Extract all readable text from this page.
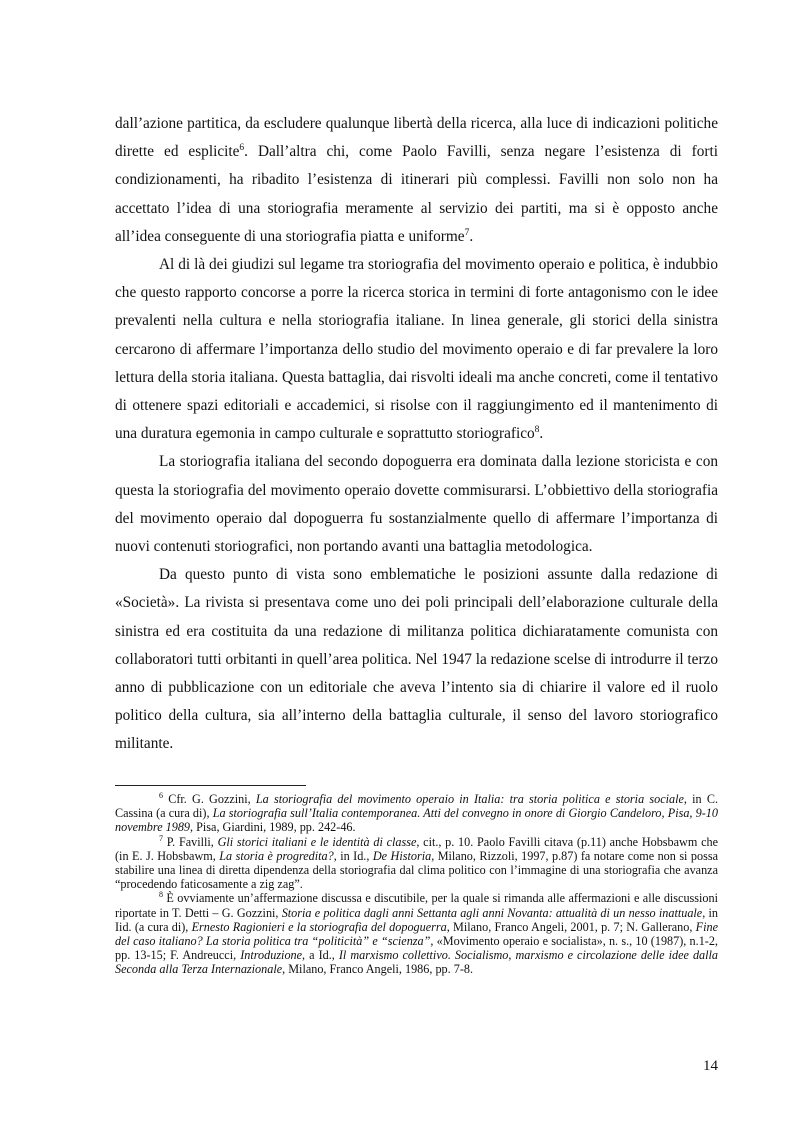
dall’azione partitica, da escludere qualunque libertà della ricerca, alla luce di indicazioni politiche dirette ed esplicite$^6$. Dall’altra chi, come Paolo Favilli, senza negare l’esistenza di forti condizionamenti, ha ribadito l’esistenza di itinerari più complessi. Favilli non solo non ha accettato l’idea di una storiografia meramente al servizio dei partiti, ma si è opposto anche all’idea conseguente di una storiografia piatta e uniforme$^7$.

Al di là dei giudizi sul legame tra storiografia del movimento operaio e politica, è indubbio che questo rapporto concorse a porre la ricerca storica in termini di forte antagonismo con le idee prevalenti nella cultura e nella storiografia italiane. In linea generale, gli storici della sinistra cercarono di affermare l’importanza dello studio del movimento operaio e di far prevalere la loro lettura della storia italiana. Questa battaglia, dai risvolti ideali ma anche concreti, come il tentativo di ottenere spazi editoriali e accademici, si risolse con il raggiungimento ed il mantenimento di una duratura egemonia in campo culturale e soprattutto storiografico$^8$.

La storiografia italiana del secondo dopoguerra era dominata dalla lezione storicista e con questa la storiografia del movimento operaio dovette commisurarsi. L’obbiettivo della storiografia del movimento operaio dal dopoguerra fu sostanzialmente quello di affermare l’importanza di nuovi contenuti storiografici, non portando avanti una battaglia metodologica.

Da questo punto di vista sono emblematiche le posizioni assunte dalla redazione di «Società». La rivista si presentava come uno dei poli principali dell’elaborazione culturale della sinistra ed era costituita da una redazione di militanza politica dichiaratamente comunista con collaboratori tutti orbitanti in quell’area politica. Nel 1947 la redazione scelse di introdurre il terzo anno di pubblicazione con un editoriale che aveva l’intento sia di chiarire il valore ed il ruolo politico della cultura, sia all’interno della battaglia culturale, il senso del lavoro storiografico militante.

$^6$ Cfr. G. Gozzini, La storiografia del movimento operaio in Italia: tra storia politica e storia sociale, in C. Cassina (a cura di), La storiografia sull’Italia contemporanea. Atti del convegno in onore di Giorgio Candeloro, Pisa, 9-10 novembre 1989, Pisa, Giardini, 1989, pp. 242-46.

$^7$ P. Favilli, Gli storici italiani e le identità di classe, cit., p. 10. Paolo Favilli citava (p.11) anche Hobsbawm che (in E. J. Hobsbawm, La storia è progredita?, in Id., De Historia, Milano, Rizzoli, 1997, p.87) fa notare come non si possa stabilire una linea di diretta dipendenza della storiografia dal clima politico con l’immagine di una storiografia che avanza “procedendo faticosamente a zig zag”.

$^8$ È ovviamente un’affermazione discussa e discutibile, per la quale si rimanda alle affermazioni e alle discussioni riportate in T. Detti – G. Gozzini, Storia e politica dagli anni Settanta agli anni Novanta: attualità di un nesso inattuale, in Iid. (a cura di), Ernesto Ragionieri e la storiografia del dopoguerra, Milano, Franco Angeli, 2001, p. 7; N. Gallerano, Fine del caso italiano? La storia politica tra “politicità” e “scienza”, «Movimento operaio e socialista», n. s., 10 (1987), n.1-2, pp. 13-15; F. Andreucci, Introduzione, a Id., Il marxismo collettivo. Socialismo, marxismo e circolazione delle idee dalla Seconda alla Terza Internazionale, Milano, Franco Angeli, 1986, pp. 7-8.

14
